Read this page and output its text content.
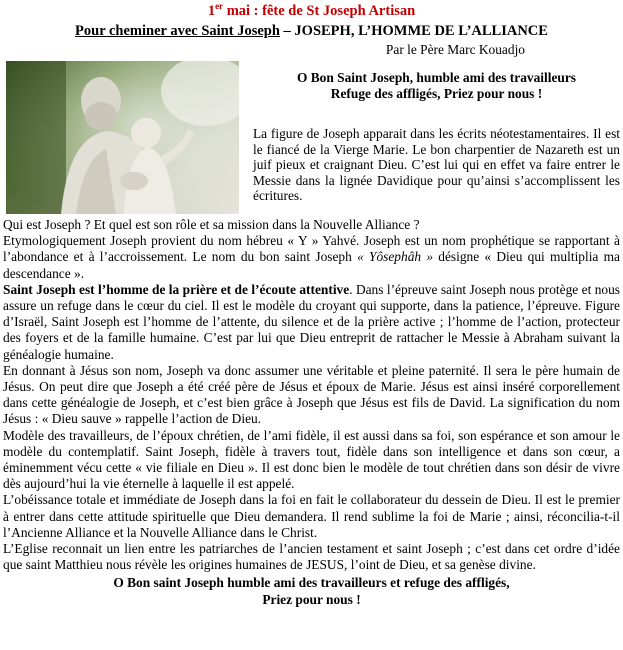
1er mai : fête de St Joseph Artisan
Pour cheminer avec Saint Joseph – JOSEPH, L’HOMME DE L’ALLIANCE
Par le Père Marc Kouadjo
O Bon Saint Joseph, humble ami des travailleurs
Refuge des affligés, Priez pour nous !
La figure de Joseph apparait dans les écrits néotestamentaires. Il est le fiancé de la Vierge Marie. Le bon charpentier de Nazareth est un juif pieux et craignant Dieu. C’est lui qui en effet va faire entrer le Messie dans la lignée Davidique pour qu’ainsi s’accomplissent les écritures.

Qui est Joseph ? Et quel est son rôle et sa mission dans la Nouvelle Alliance ?

Etymologiquement Joseph provient du nom hébreu « Y » Yahvé. Joseph est un nom prophétique se rapportant à l’abondance et à l’accroissement. Le nom du bon saint Joseph « Yôsephâh » désigne « Dieu qui multiplia ma descendance ».

Saint Joseph est l’homme de la prière et de l’écoute attentive. Dans l’épreuve saint Joseph nous protège et nous assure un refuge dans le cœur du ciel. Il est le modèle du croyant qui supporte, dans la patience, l’épreuve. Figure d’Israël, Saint Joseph est l’homme de l’attente, du silence et de la prière active ; l’homme de l’action, protecteur des foyers et de la famille humaine. C’est par lui que Dieu entreprit de rattacher le Messie à Abraham suivant la généalogie humaine.

En donnant à Jésus son nom, Joseph va donc assumer une véritable et pleine paternité. Il sera le père humain de Jésus. On peut dire que Joseph a été créé père de Jésus et époux de Marie. Jésus est ainsi inséré corporellement dans cette généalogie de Joseph, et c’est bien grâce à Joseph que Jésus est fils de David. La signification du nom Jésus : « Dieu sauve » rappelle l’action de Dieu.

Modèle des travailleurs, de l’époux chrétien, de l’ami fidèle, il est aussi dans sa foi, son espérance et son amour le modèle du contemplatif. Saint Joseph, fidèle à travers tout, fidèle dans son intelligence et dans son cœur, a éminemment vécu cette « vie filiale en Dieu ». Il est donc bien le modèle de tout chrétien dans son désir de vivre dès aujourd’hui la vie éternelle à laquelle il est appelé.

L’obéissance totale et immédiate de Joseph dans la foi en fait le collaborateur du dessein de Dieu. Il est le premier à entrer dans cette attitude spirituelle que Dieu demandera. Il rend sublime la foi de Marie ; ainsi, réconcilia-t-il l’Ancienne Alliance et la Nouvelle Alliance dans le Christ.

L’Eglise reconnait un lien entre les patriarches de l’ancien testament et saint Joseph ; c’est dans cet ordre d’idée que saint Matthieu nous révèle les origines humaines de JESUS, l’oint de Dieu, et sa genèse divine.

O Bon saint Joseph humble ami des travailleurs et refuge des affligés,
Priez pour nous !
